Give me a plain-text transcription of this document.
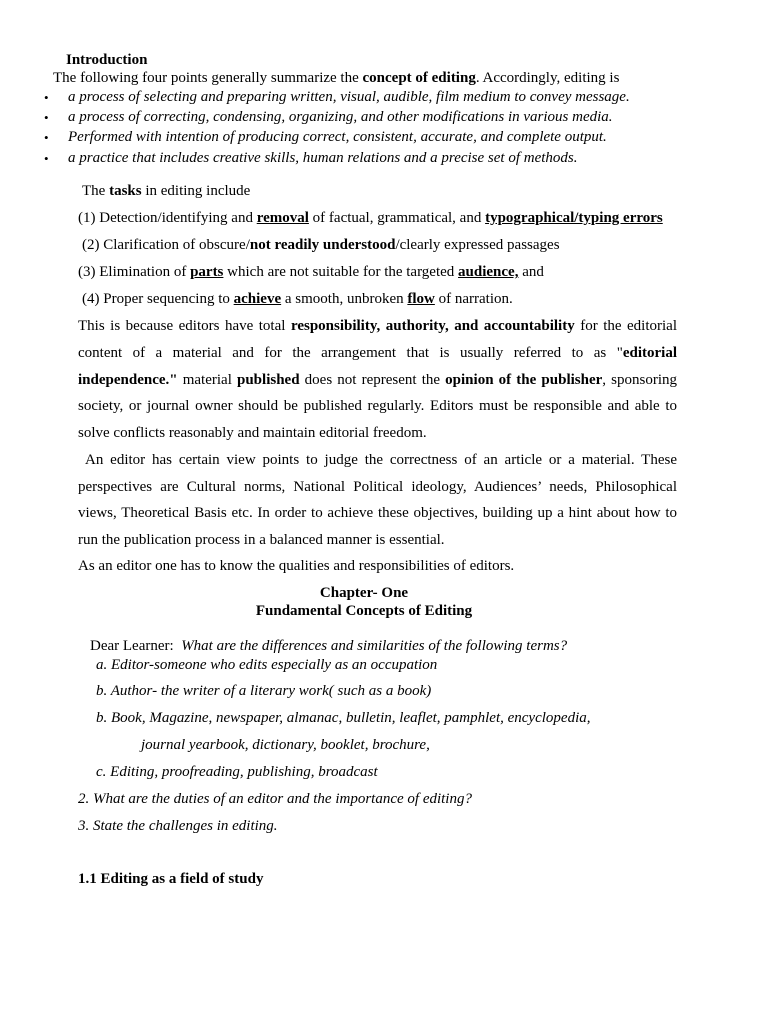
Introduction
The following four points generally summarize the concept of editing. Accordingly, editing is
• a process of selecting and preparing written, visual, audible, film medium to convey message.
• a process of correcting, condensing, organizing, and other modifications in various media.
• Performed with intention of producing correct, consistent, accurate, and complete output.
• a practice that includes creative skills, human relations and a precise set of methods.
The tasks in editing include
(1) Detection/identifying and removal of factual, grammatical, and typographical/typing errors
(2) Clarification of obscure/not readily understood/clearly expressed passages
(3) Elimination of parts which are not suitable for the targeted audience, and
(4) Proper sequencing to achieve a smooth, unbroken flow of narration.
This is because editors have total responsibility, authority, and accountability for the editorial
content of a material and for the arrangement that is usually referred to as "editorial
independence." material published does not represent the opinion of the publisher, sponsoring
society, or journal owner should be published regularly. Editors must be responsible and able to
solve conflicts reasonably and maintain editorial freedom.
An editor has certain view points to judge the correctness of an article or a material. These
perspectives are Cultural norms, National Political ideology, Audiences’ needs, Philosophical
views, Theoretical Basis etc. In order to achieve these objectives, building up a hint about how to
run the publication process in a balanced manner is essential.
As an editor one has to know the qualities and responsibilities of editors.
Chapter- One
Fundamental Concepts of Editing
Dear Learner: What are the differences and similarities of the following terms?
a. Editor-someone who edits especially as an occupation
b. Author- the writer of a literary work( such as a book)
b. Book, Magazine, newspaper, almanac, bulletin, leaflet, pamphlet, encyclopedia,
journal yearbook, dictionary, booklet, brochure,
c. Editing, proofreading, publishing, broadcast
2. What are the duties of an editor and the importance of editing?
3. State the challenges in editing.
1.1 Editing as a field of study
